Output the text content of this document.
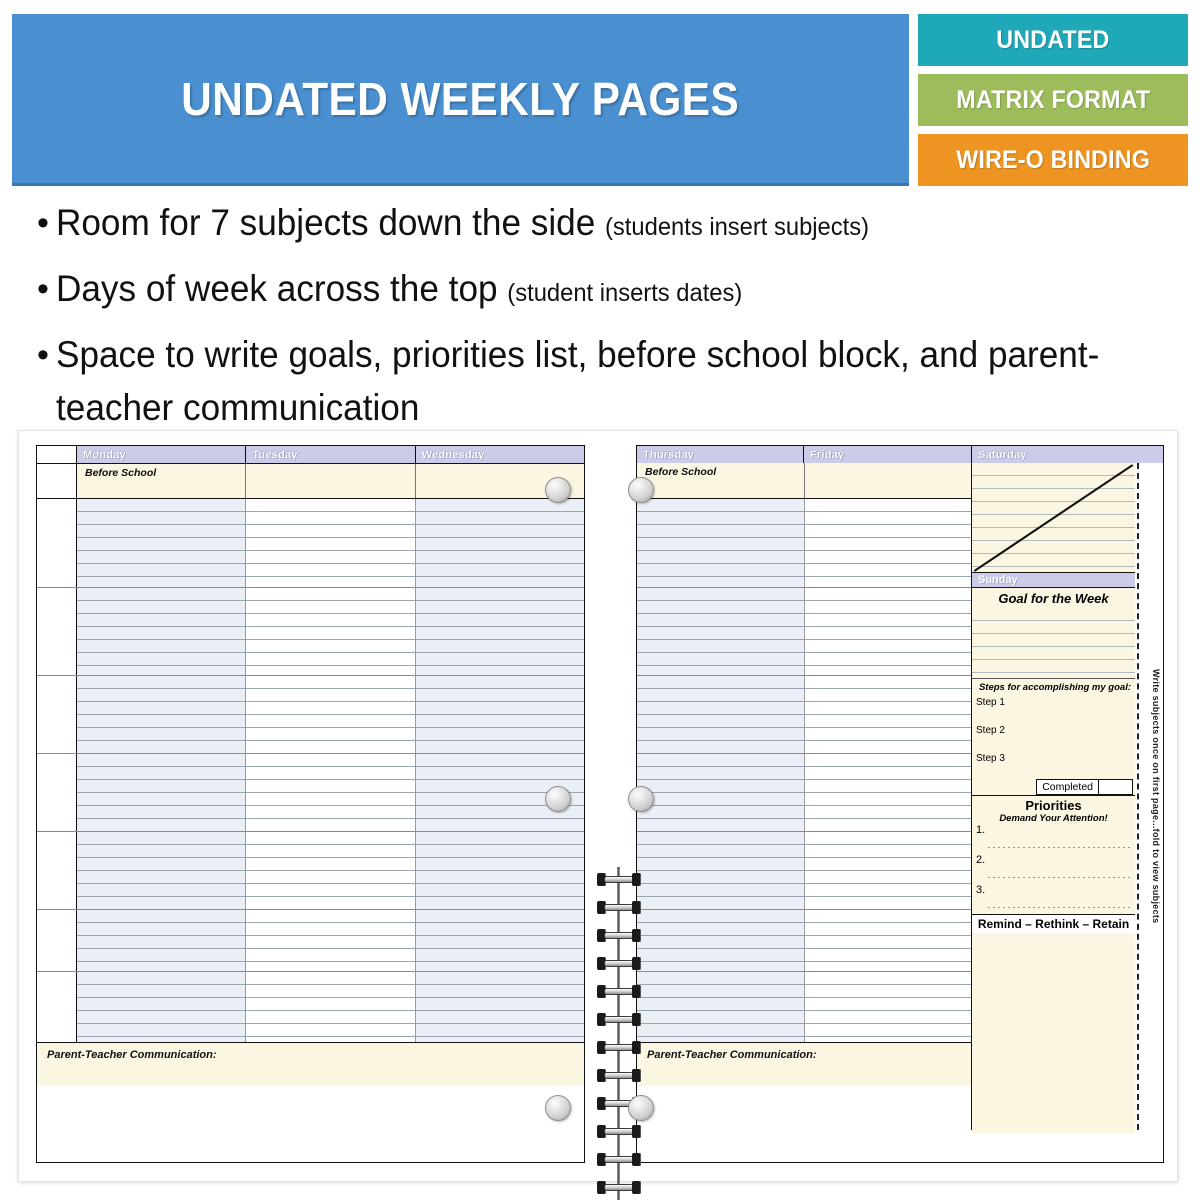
UNDATED WEEKLY PAGES
UNDATED
MATRIX FORMAT
WIRE-O BINDING
• Room for 7 subjects down the side (students insert subjects)
• Days of week across the top (student inserts dates)
• Space to write goals, priorities list, before school block, and parent-teacher communication
Monday	Tuesday	Wednesday
Before School
Parent-Teacher Communication:
Thursday	Friday	Saturday
Before School
Parent-Teacher Communication:
Write subjects once on first page...fold to view subjects
Sunday
Goal for the Week
Steps for accomplishing my goal:
Step 1
Step 2
Step 3
Completed
Priorities
Demand Your Attention!
1.
2.
3.
Remind – Rethink – Retain
